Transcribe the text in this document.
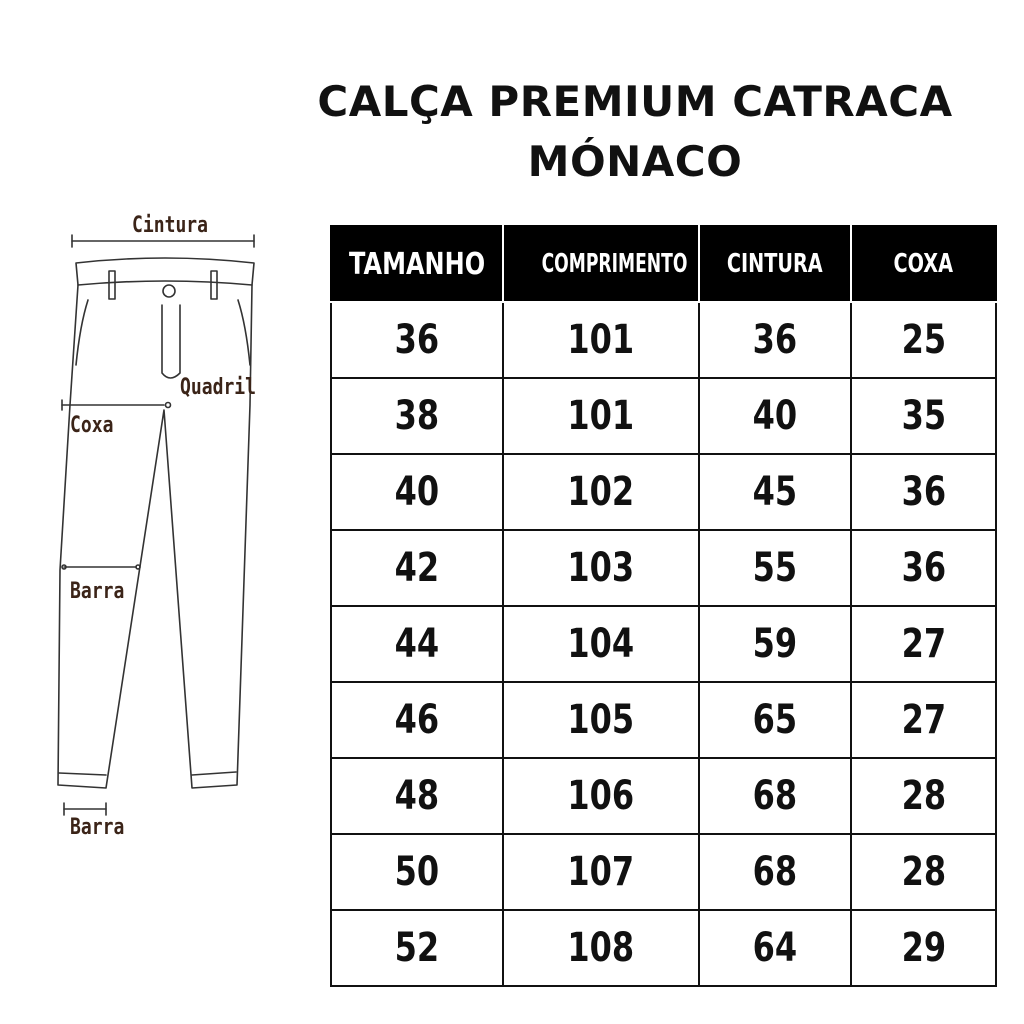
CALÇA PREMIUM CATRACA
MÓNACO
Cintura
Quadril
Coxa
Barra
Barra
TAMANHO	COMPRIMENTO	CINTURA	COXA
36	101	36	25
38	101	40	35
40	102	45	36
42	103	55	36
44	104	59	27
46	105	65	27
48	106	68	28
50	107	68	28
52	108	64	29
